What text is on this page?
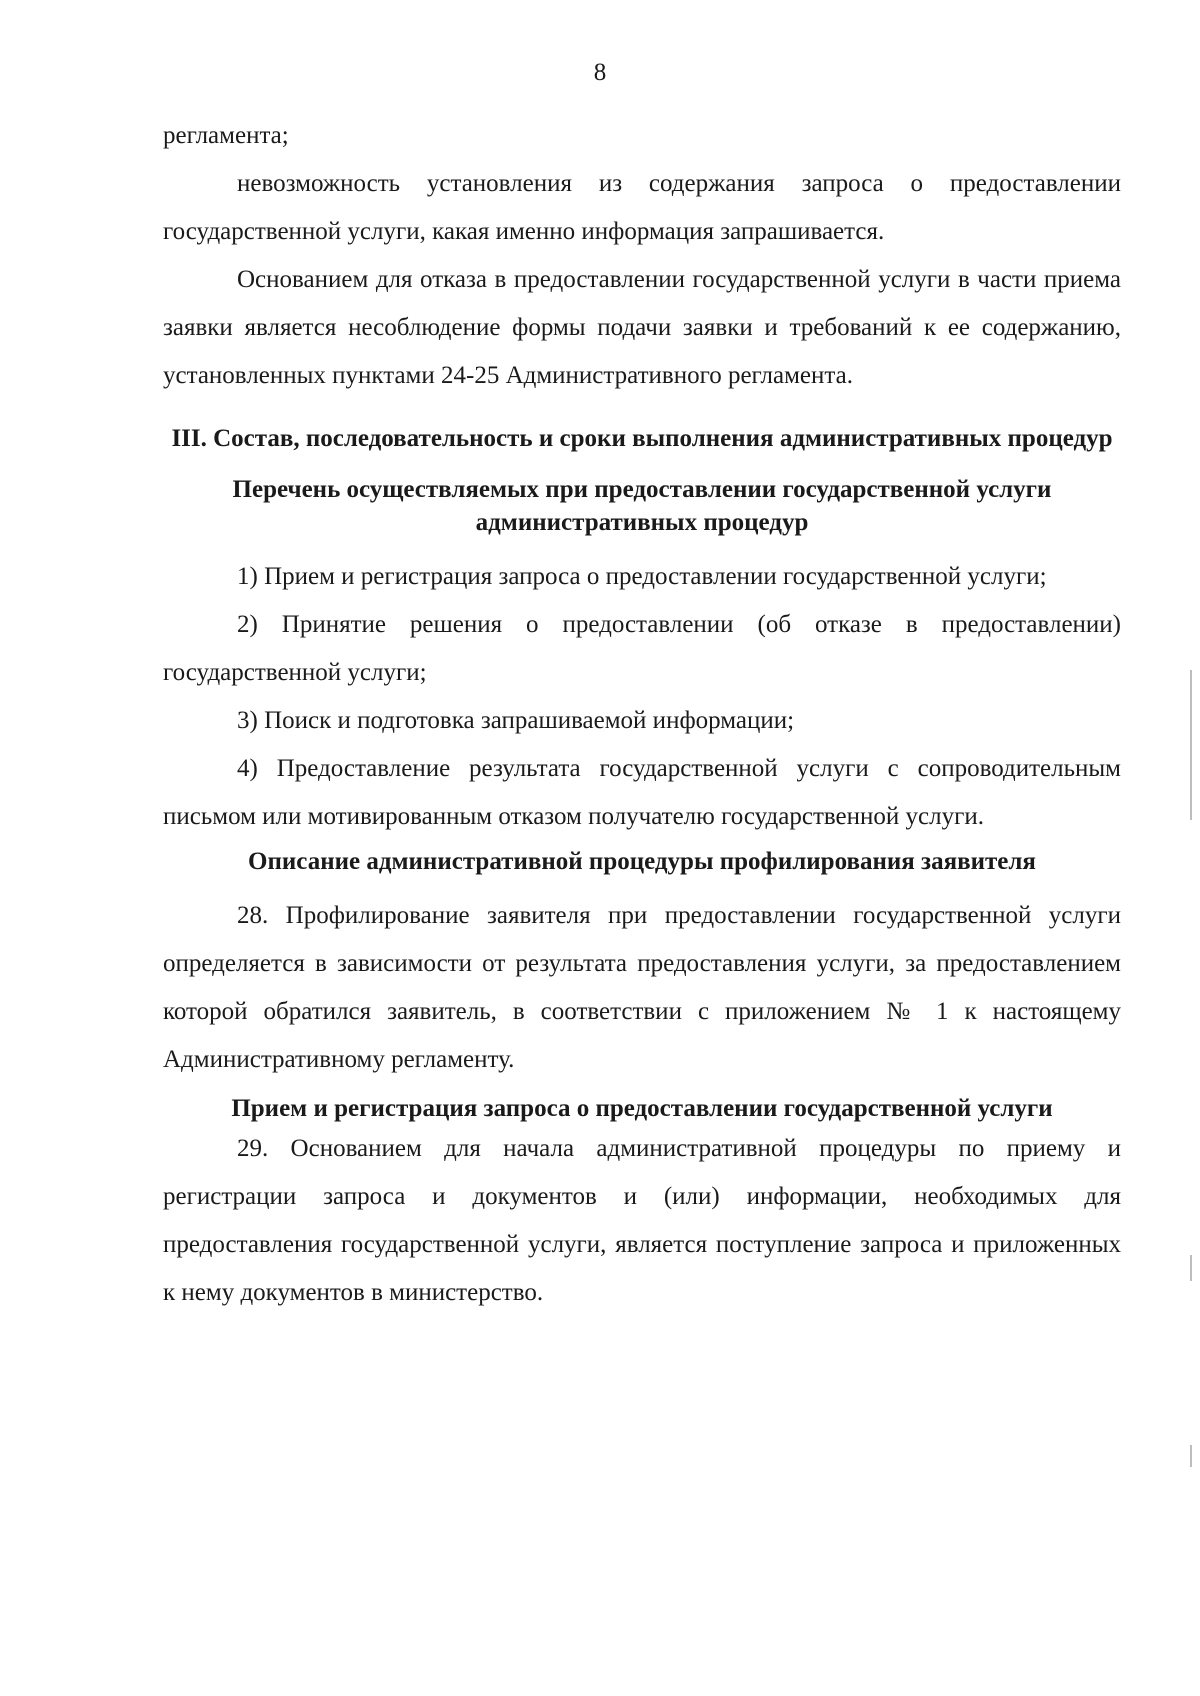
8

регламента;

невозможность установления из содержания запроса о предоставлении государственной услуги, какая именно информация запрашивается.

Основанием для отказа в предоставлении государственной услуги в части приема заявки является несоблюдение формы подачи заявки и требований к ее содержанию, установленных пунктами 24-25 Административного регламента.

III. Состав, последовательность и сроки выполнения административных процедур
Перечень осуществляемых при предоставлении государственной услуги административных процедур

1) Прием и регистрация запроса о предоставлении государственной услуги;

2) Принятие решения о предоставлении (об отказе в предоставлении) государственной услуги;

3) Поиск и подготовка запрашиваемой информации;

4) Предоставление результата государственной услуги с сопроводительным письмом или мотивированным отказом получателю государственной услуги.

Описание административной процедуры профилирования заявителя

28. Профилирование заявителя при предоставлении государственной услуги определяется в зависимости от результата предоставления услуги, за предоставлением которой обратился заявитель, в соответствии с приложением № 1 к настоящему Административному регламенту.

Прием и регистрация запроса о предоставлении государственной услуги

29. Основанием для начала административной процедуры по приему и регистрации запроса и документов и (или) информации, необходимых для предоставления государственной услуги, является поступление запроса и приложенных к нему документов в министерство.
